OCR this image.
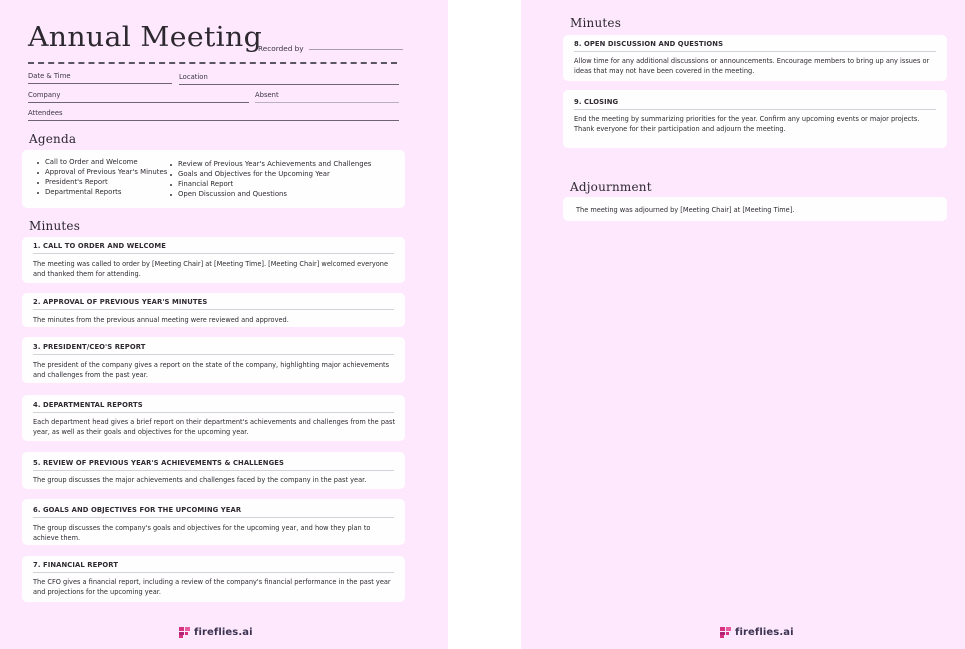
Annual Meeting
Recorded by
Date & Time	Location
Company	Absent
Attendees
Agenda
Call to Order and Welcome
Approval of Previous Year's Minutes
President's Report
Departmental Reports
Review of Previous Year's Achievements and Challenges
Goals and Objectives for the Upcoming Year
Financial Report
Open Discussion and Questions
Minutes
1. CALL TO ORDER AND WELCOME
The meeting was called to order by [Meeting Chair] at [Meeting Time]. [Meeting Chair] welcomed everyone and thanked them for attending.
2. APPROVAL OF PREVIOUS YEAR'S MINUTES
The minutes from the previous annual meeting were reviewed and approved.
3. PRESIDENT/CEO'S REPORT
The president of the company gives a report on the state of the company, highlighting major achievements and challenges from the past year.
4. DEPARTMENTAL REPORTS
Each department head gives a brief report on their department's achievements and challenges from the past year, as well as their goals and objectives for the upcoming year.
5. REVIEW OF PREVIOUS YEAR'S ACHIEVEMENTS & CHALLENGES
The group discusses the major achievements and challenges faced by the company in the past year.
6. GOALS AND OBJECTIVES FOR THE UPCOMING YEAR
The group discusses the company's goals and objectives for the upcoming year, and how they plan to achieve them.
7. FINANCIAL REPORT
The CFO gives a financial report, including a review of the company's financial performance in the past year and projections for the upcoming year.
fireflies.ai
Minutes
8. OPEN DISCUSSION AND QUESTIONS
Allow time for any additional discussions or announcements. Encourage members to bring up any issues or ideas that may not have been covered in the meeting.
9. CLOSING
End the meeting by summarizing priorities for the year. Confirm any upcoming events or major projects. Thank everyone for their participation and adjourn the meeting.
Adjournment
The meeting was adjourned by [Meeting Chair] at [Meeting Time].
fireflies.ai
